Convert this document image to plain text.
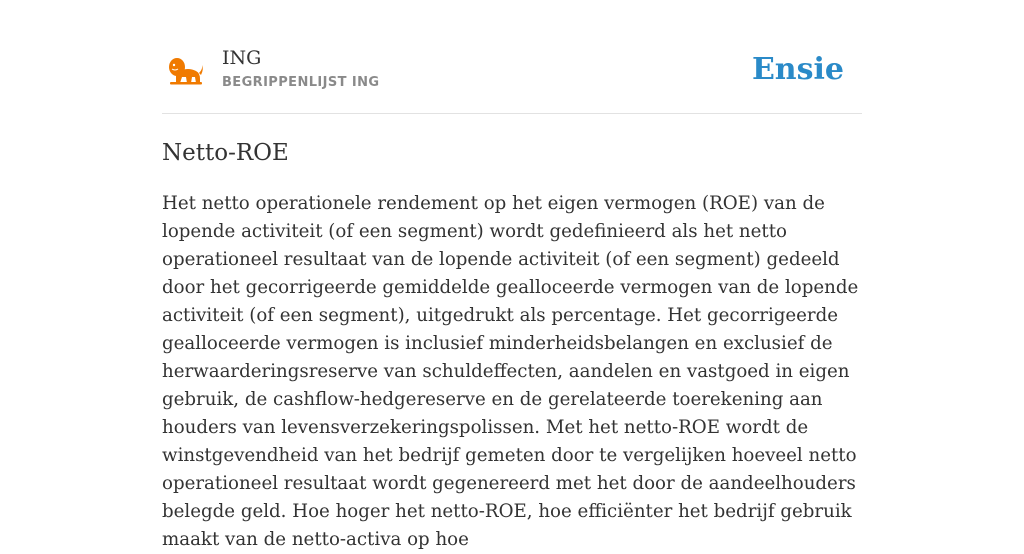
ING
BEGRIPPENLIJST ING	Ensie
Netto-ROE

Het netto operationele rendement op het eigen vermogen (ROE) van de lopende activiteit (of een segment) wordt gedefinieerd als het netto operationeel resultaat van de lopende activiteit (of een segment) gedeeld door het gecorrigeerde gemiddelde gealloceerde vermogen van de lopende activiteit (of een segment), uitgedrukt als percentage. Het gecorrigeerde gealloceerde vermogen is inclusief minderheidsbelangen en exclusief de herwaarderingsreserve van schuldeffecten, aandelen en vastgoed in eigen gebruik, de cashflow-hedgereserve en de gerelateerde toerekening aan houders van levensverzekeringspolissen. Met het netto-ROE wordt de winstgevendheid van het bedrijf gemeten door te vergelijken hoeveel netto operationeel resultaat wordt gegenereerd met het door de aandeelhouders belegde geld. Hoe hoger het netto-ROE, hoe efficiënter het bedrijf gebruik maakt van de netto-activa op hoe
